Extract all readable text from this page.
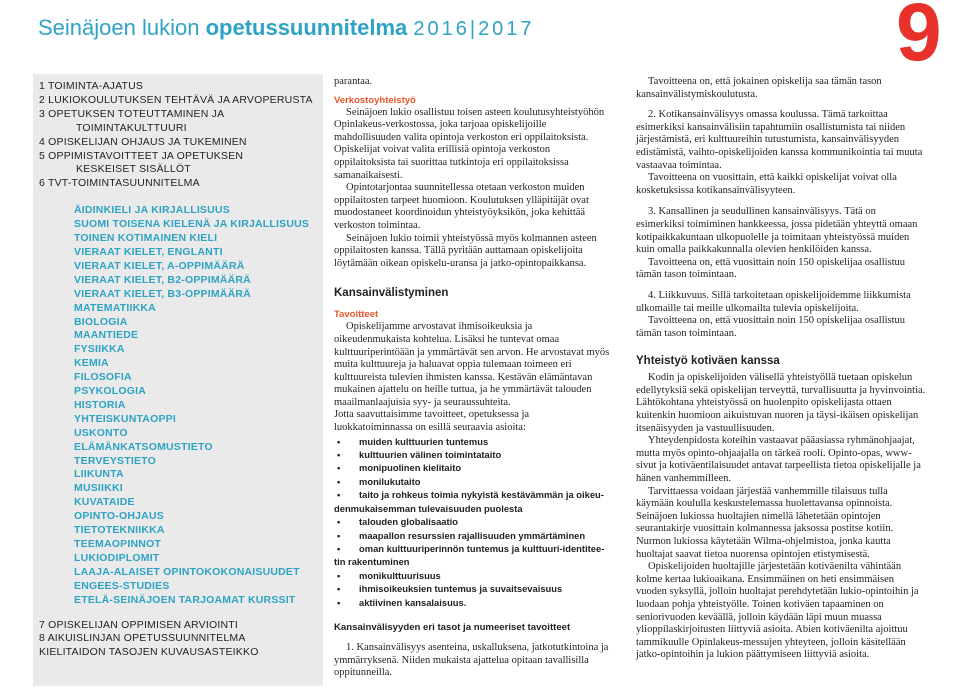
Seinäjoen lukion opetussuunnitelma 2016|2017	9
1 TOIMINTA-AJATUS
2 LUKIOKOULUTUKSEN TEHTÄVÄ JA ARVOPERUSTA
3 OPETUKSEN TOTEUTTAMINEN JA
TOIMINTAKULTTUURI
4 OPISKELIJAN OHJAUS JA TUKEMINEN
5 OPPIMISTAVOITTEET JA OPETUKSEN
KESKEISET SISÄLLÖT
6 TVT-TOIMINTASUUNNITELMA
ÄIDINKIELI JA KIRJALLISUUS
SUOMI TOISENA KIELENÄ JA KIRJALLISUUS
TOINEN KOTIMAINEN KIELI
VIERAAT KIELET, ENGLANTI
VIERAAT KIELET, A-OPPIMÄÄRÄ
VIERAAT KIELET, B2-OPPIMÄÄRÄ
VIERAAT KIELET, B3-OPPIMÄÄRÄ
MATEMATIIKKA
BIOLOGIA
MAANTIEDE
FYSIIKKA
KEMIA
FILOSOFIA
PSYKOLOGIA
HISTORIA
YHTEISKUNTAOPPI
USKONTO
ELÄMÄNKATSOMUSTIETO
TERVEYSTIETO
LIIKUNTA
MUSIIKKI
KUVATAIDE
OPINTO-OHJAUS
TIETOTEKNIIKKA
TEEMAOPINNOT
LUKIODIPLOMIT
LAAJA-ALAISET OPINTOKOKONAISUUDET
ENGEES-STUDIES
ETELÄ-SEINÄJOEN TARJOAMAT KURSSIT
7 OPISKELIJAN OPPIMISEN ARVIOINTI
8 AIKUISLINJAN OPETUSSUUNNITELMA
KIELITAIDON TASOJEN KUVAUSASTEIKKO

parantaa.

Verkostoyhteistyö

Seinäjoen lukio osallistuu toisen asteen koulutusyhteistyöhön Opinlakeus-verkostossa, joka tarjoaa opiskelijoille mahdollisuuden valita opintoja verkoston eri oppilaitoksista. Opiskelijat voivat valita erillisiä opintoja verkoston oppilaitoksista tai suorittaa tutkintoja eri oppilaitoksissa samanaikaisesti.

Opintotarjontaa suunnitellessa otetaan verkoston muiden oppilaitosten tarpeet huomioon. Koulutuksen ylläpitäjät ovat muodostaneet koordinoidun yhteistyöyksikön, joka kehittää verkoston toimintaa.

Seinäjoen lukio toimii yhteistyössä myös kolmannen asteen oppilaitosten kanssa. Tällä pyritään auttamaan opiskelijoita löytämään oikean opiskelu-uransa ja jatko-opintopaikkansa.

Kansainvälistyminen
Tavoitteet

Opiskelijamme arvostavat ihmisoikeuksia ja oikeudenmukaista kohtelua. Lisäksi he tuntevat omaa kulttuuriperintöään ja ymmärtävät sen arvon. He arvostavat myös muita kulttuureja ja haluavat oppia tulemaan toimeen eri kulttuureista tulevien ihmisten kanssa. Kestävän elämäntavan mukainen ajattelu on heille tuttua, ja he ymmärtävät talouden maailmanlaajuisia syy- ja seuraussuhteita.

Jotta saavuttaisimme tavoitteet, opetuksessa ja luokkatoiminnassa on esillä seuraavia asioita:

• muiden kulttuurien tuntemus
• kulttuurien välinen toimintataito
• monipuolinen kielitaito
• monilukutaito
• taito ja rohkeus toimia nykyistä kestävämmän ja oikeu-
denmukaisemman tulevaisuuden puolesta
• talouden globalisaatio
• maapallon resurssien rajallisuuden ymmärtäminen
• oman kulttuuriperinnön tuntemus ja kulttuuri-identitee-
tin rakentuminen
• monikulttuurisuus
• ihmisoikeuksien tuntemus ja suvaitsevaisuus
• aktiivinen kansalaisuus.
Kansainvälisyyden eri tasot ja numeeriset tavoitteet

1. Kansainvälisyys asenteina, uskalluksena, jatkotutkintoina ja ymmärryksenä. Niiden mukaista ajattelua opitaan tavallisilla oppitunneilla.

Tavoitteena on, että jokainen opiskelija saa tämän tason kansainvälistymiskoulutusta.

2. Kotikansainvälisyys omassa koulussa. Tämä tarkoittaa esimerkiksi kansainvälisiin tapahtumiin osallistumista tai niiden järjestämistä, eri kulttuureihin tutustumista, kansainvälisyyden edistämistä, vaihto-opiskelijoiden kanssa kommunikointia tai muuta vastaavaa toimintaa.

Tavoitteena on vuosittain, että kaikki opiskelijat voivat olla kosketuksissa kotikansainvälisyyteen.

3. Kansallinen ja seudullinen kansainvälisyys. Tätä on esimerkiksi toimiminen hankkeessa, jossa pidetään yhteyttä omaan kotipaikkakuntaan ulkopuolelle ja toimitaan yhteistyössä muiden kuin omalla paikkakunnalla olevien henkilöiden kanssa.

Tavoitteena on, että vuosittain noin 150 opiskelijaa osallistuu tämän tason toimintaan.

4. Liikkuvuus. Sillä tarkoitetaan opiskelijoidemme liikkumista ulkomaille tai meille ulkomailta tulevia opiskelijoita.

Tavoitteena on, että vuosittain noin 150 opiskelijaa osallistuu tämän tason toimintaan.

Yhteistyö kotiväen kanssa

Kodin ja opiskelijoiden välisellä yhteistyöllä tuetaan opiskelun edellytyksiä sekä opiskelijan terveyttä, turvallisuutta ja hyvinvointia. Lähtökohtana yhteistyössä on huolenpito opiskelijasta ottaen kuitenkin huomioon aikuistuvan nuoren ja täysi-ikäisen opiskelijan itsenäisyyden ja vastuullisuuden.

Yhteydenpidosta koteihin vastaavat pääasiassa ryhmänohjaajat, mutta myös opinto-ohjaajalla on tärkeä rooli. Opinto-opas, www-sivut ja kotiväentilaisuudet antavat tarpeellista tietoa opiskelijalle ja hänen vanhemmilleen.

Tarvittaessa voidaan järjestää vanhemmille tilaisuus tulla käymään koululla keskustelemassa huolettavansa opinnoista. Seinäjoen lukiossa huoltajien nimellä lähetetään opintojen seurantakirje vuosittain kolmannessa jaksossa postitse kotiin. Nurmon lukiossa käytetään Wilma-ohjelmistoa, jonka kautta huoltajat saavat tietoa nuorensa opintojen etistymisestä.

Opiskelijoiden huoltajille järjestetään kotiväenilta vähintään kolme kertaa lukioaikana. Ensimmäinen on heti ensimmäisen vuoden syksyllä, jolloin huoltajat perehdytetään lukio-opintoihin ja luodaan pohja yhteistyölle. Toinen kotiväen tapaaminen on seniorivuoden keväällä, jolloin käydään läpi muun muassa ylioppilaskirjoitusten liittyviä asioita. Abien kotiväenilta ajoittuu tammikuulle Opinlakeus-messujen yhteyteen, jolloin käsitellään jatko-opintoihin ja lukion päättymiseen liittyviä asioita.
